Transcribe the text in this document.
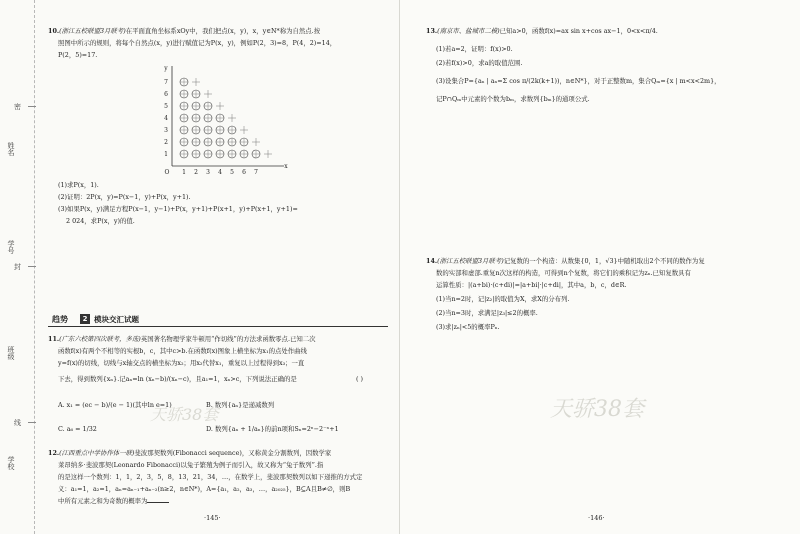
姓名
密
学号
封
班级
线
学校
10.(浙江五校联盟3月联考)在平面直角坐标系xOy中，我们把点(x，y)，x，y∈N*称为自然点.按
照图中所示的规则，将每个自然点(x，y)进行赋值记为P(x，y)，例如P(2，3)=8，P(4，2)=14，
P(2，5)=17.
y
7
6
5
4
3
2
1
O 1 2 3 4 5 6 7
x
(1)求P(x，1).
(2)证明：2P(x，y)=P(x−1，y)+P(x，y+1).
(3)如果P(x，y)满足方程P(x−1，y−1)+P(x，y+1)+P(x+1，y)+P(x+1，y+1)=
2 024，求P(x，y)的值.
趋势	2 模块交汇试题
11.(广东六校第四次联考，多选)英国著名物理学家牛顿用“作切线”的方法求函数零点.已知二次
函数f(x)有两个不相等的实根b，c，其中c>b.在函数f(x)图象上横坐标为x₁的点处作曲线
y=f(x)的切线，切线与x轴交点的横坐标为x₂；用x₂代替x₁，重复以上过程得到x₃；一直
下去，得到数列{xₙ}.记aₙ=ln (xₙ−b)/(xₙ−c)，且a₁=1，xₙ>c，下列说法正确的是	( )
A. x₁ = (ec − b)/(e − 1)(其中ln e=1)	B. 数列{aₙ}是递减数列
C. a₆ = 1/32	D. 数列{aₙ + 1/aₙ}的前n项和Sₙ=2ⁿ−2⁻ⁿ+1
12.(江西重点中学协作体一联)斐波那契数列(Fibonacci sequence)，又称黄金分割数列，因数学家
莱昂纳多·斐波那契(Leonardo Fibonacci)以兔子繁殖为例子而引入，故又称为“兔子数列”.指
的是这样一个数列：1，1，2，3，5，8，13，21，34，…，在数学上，斐波那契数列以如下递推的方式定
义：a₁=1，a₂=1，aₙ=aₙ₋₁+aₙ₋₂(n≥2，n∈N*)，A={a₁，a₂，a₃，…，a₂₀₂₅}，B⊆A且B≠∅，则B
中所有元素之和为奇数的概率为
·145·
天骄38套
13.(南京市、盐城市二模)已知a>0，函数f(x)=ax sin x+cos ax−1，0<x<π/4.
(1)若a=2，证明：f(x)>0.
(2)若f(x)>0，求a的取值范围.
(3)设集合P={aₙ | aₙ=Σ cos π/(2k(k+1))，n∈N*}，对于正整数m，集合Qₘ={x | m<x<2m}，
记P∩Qₘ中元素的个数为bₘ，求数列{bₘ}的通项公式.
14.(浙江五校联盟3月联考)记复数的一个构造：从数集{0，1，√3}中随机取出2个不同的数作为复
数的实部和虚部.重复n次这样的构造，可得到n个复数，将它们的乘积记为zₙ.已知复数具有
运算性质：|(a+bi)·(c+di)|=|a+bi|·|c+di|，其中a，b，c，d∈R.
(1)当n=2时，记|z₂|的取值为X，求X的分布列.
(2)当n=3时，求满足|z₃|≤2的概率.
(3)求|zₙ|<5的概率Pₙ.
天骄38套
·146·
